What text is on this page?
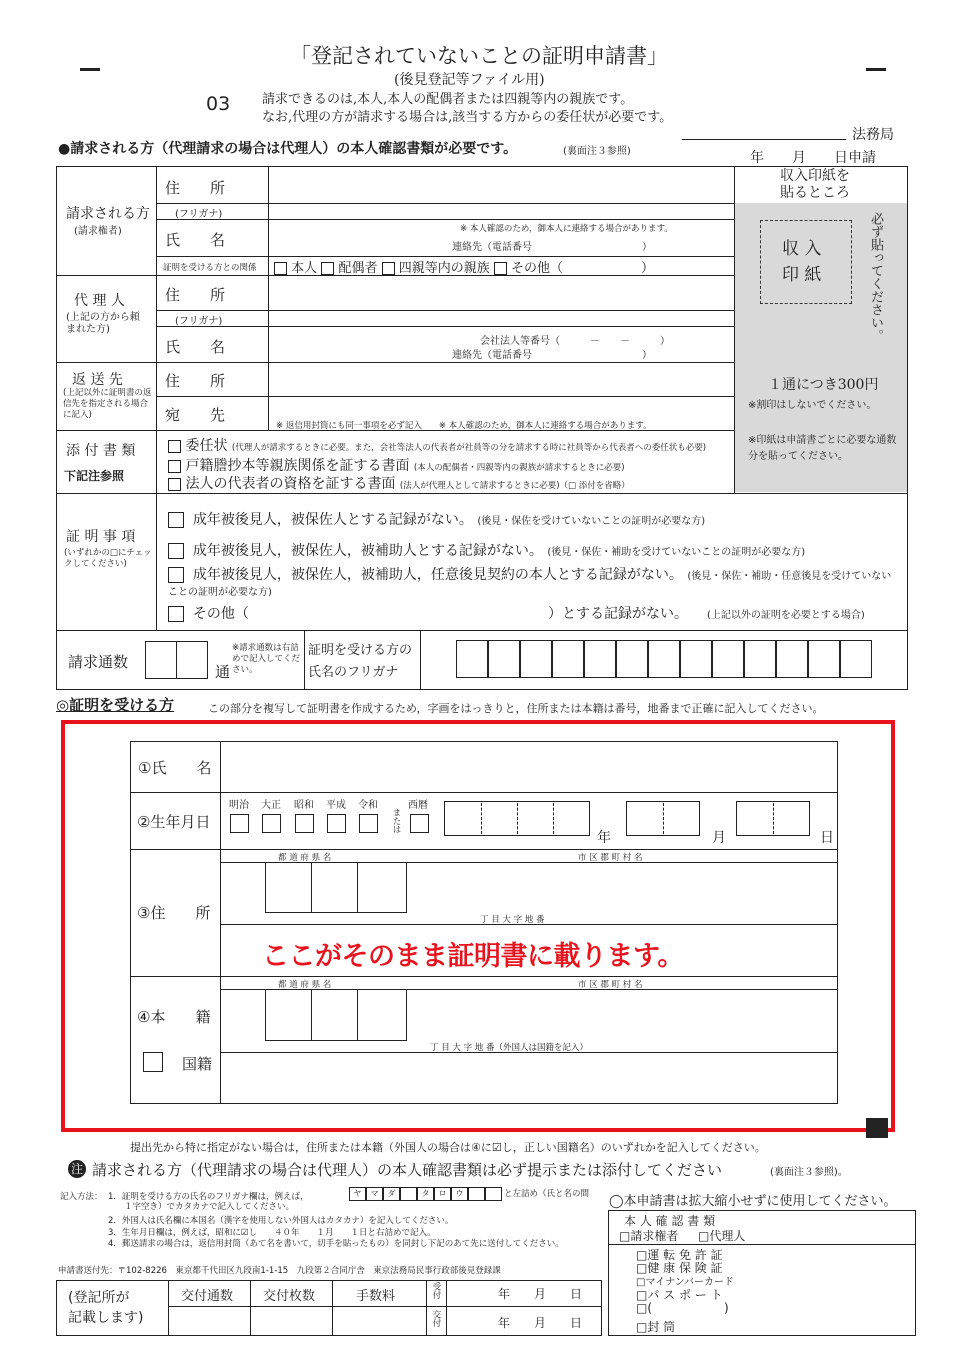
「登記されていないことの証明申請書」
(後見登記等ファイル用)
03 請求できるのは,本人,本人の配偶者または四親等内の親族です。
なお,代理の方が請求する場合は,該当する方からの委任状が必要です。
法務局
年　　月　　日申請
●請求される方（代理請求の場合は代理人）の本人確認書類が必要です。	(裏面注３参照)
請求される方
(請求権者)
住　　所
(フリガナ)
氏　　名
※ 本人確認のため，御本人に連絡する場合があります。
連絡先（電話番号　　　　　　　　　　　）
証明を受ける方との関係	本人 配偶者 四親等内の親族 その他（　　　　　　）
代 理 人
(上記の方から頼まれた方)
住　　所
(フリガナ)
氏　　名	会社法人等番号（　　　－　　－　　　）
連絡先（電話番号　　　　　　　　　　　）
返 送 先
(上記以外に証明書の返信先を指定される場合に記入)
住　　所
宛　　先
※ 返信用封筒にも同一事項を必ず記入　　※ 本人確認のため，御本人に連絡する場合があります。
収入印紙を
貼るところ
収 入
印 紙	必ず貼ってください。
１通につき300円
※割印はしないでください。
※印紙は申請書ごとに必要な通数分を貼ってください。
添 付 書 類
下記注参照
委任状 (代理人が請求するときに必要。また，会社等法人の代表者が社員等の分を請求する時に社員等から代表者への委任状も必要)
戸籍謄抄本等親族関係を証する書面 (本人の配偶者・四親等内の親族が請求するときに必要)
法人の代表者の資格を証する書面 (法人が代理人として請求するときに必要)（□ 添付を省略）
証 明 事 項
(いずれかの□にチェックしてください)
成年被後見人，被保佐人とする記録がない。 (後見・保佐を受けていないことの証明が必要な方)
成年被後見人，被保佐人，被補助人とする記録がない。 (後見・保佐・補助を受けていないことの証明が必要な方)
成年被後見人，被保佐人，被補助人，任意後見契約の本人とする記録がない。 (後見・保佐・補助・任意後見を受けていないことの証明が必要な方)
その他（	）とする記録がない。 (上記以外の証明を必要とする場合)
請求通数
通
※請求通数は右詰めで記入してください。
証明を受ける方の氏名のフリガナ
◎証明を受ける方	この部分を複写して証明書を作成するため，字画をはっきりと，住所または本籍は番号，地番まで正確に記入してください。
①氏　　名
②生年月日
明治 大正 昭和 平成 令和
または
西暦
年	月	日
③住　　所
都 道 府 県 名	市 区 郡 町 村 名
丁 目 大 字 地 番
ここがそのまま証明書に載ります。
④本　　籍
都 道 府 県 名	市 区 郡 町 村 名
丁 目 大 字 地 番（外国人は国籍を記入）
国籍
提出先から特に指定がない場合は，住所または本籍（外国人の場合は④に☑し，正しい国籍名）のいずれかを記入してください。
注 請求される方（代理請求の場合は代理人）の本人確認書類は必ず提示または添付してください	(裏面注３参照)。
記入方法： 1．証明を受ける方の氏名のフリガナ欄は，例えば，	ヤ	マ	ダ	タ	ロ	ウ	と左詰め（氏と名の間１字空き）でカタカナで記入してください。
2．外国人は氏名欄に本国名（漢字を使用しない外国人はカタカナ）を記入してください。
3．生年月日欄は，例えば，昭和に☑し　　４０年　　１月　　１日と右詰めで記入。
4．郵送請求の場合は，返信用封筒（あて名を書いて，切手を貼ったもの）を同封し下記のあて先に送付してください。
申請書送付先：〒102-8226　東京都千代田区九段南1-1-15　九段第２合同庁舎　東京法務局民事行政部後見登録課
◯本申請書は拡大縮小せずに使用してください。
(登記所が
記載します)
交付通数 交付枚数	手数料	受付
交付
年　　月　　日
年　　月　　日
本 人 確 認 書 類
□請求権者 □代理人
□運 転 免 許 証
□健 康 保 険 証
□マイナンバーカード
□パ ス ポ ー ト
□(　　　　　　)
□封 筒
